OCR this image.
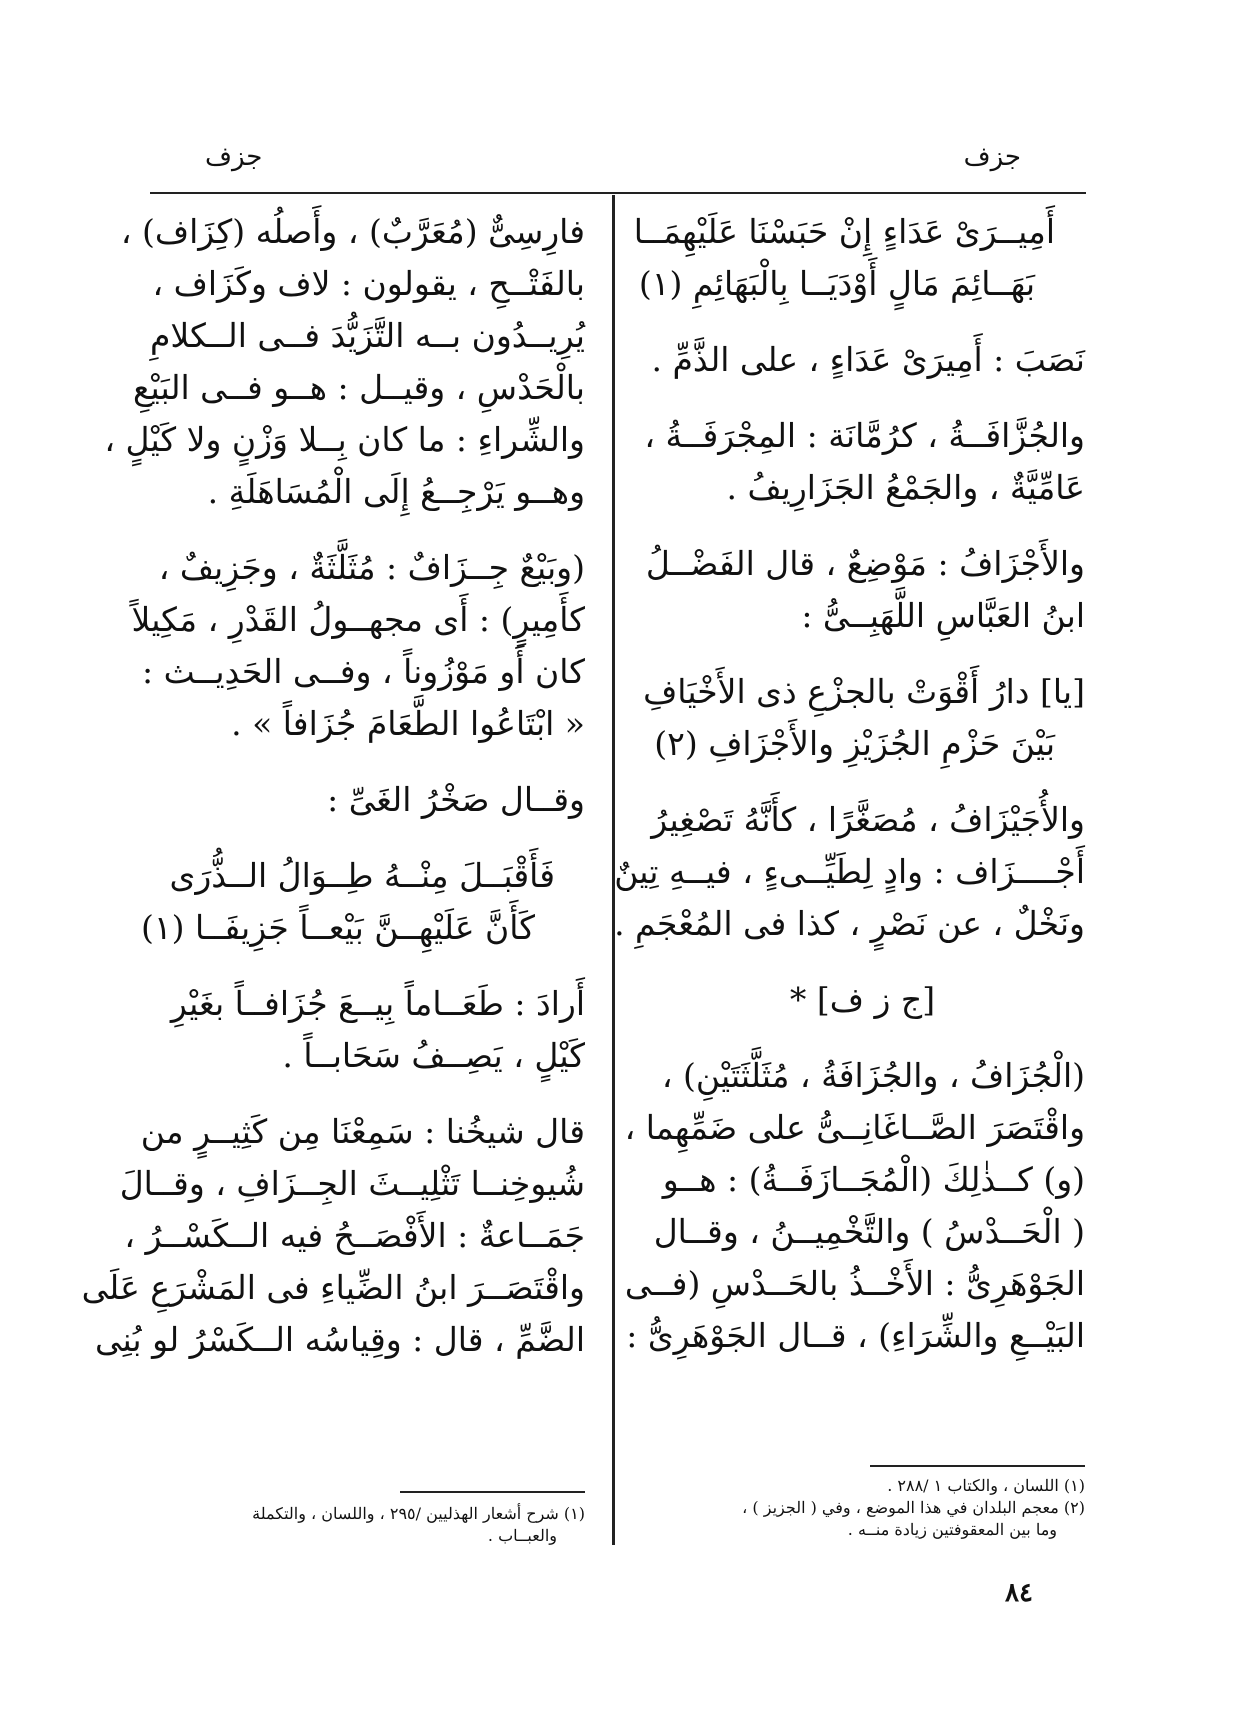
جزف
جزف

أَمِيــرَىْ عَدَاءٍ إِنْ حَبَسْنَا عَلَيْهِمَــا
بَهَــائِمَ مَالٍ أَوْدَيَــا بِالْبَهَائِمِ (١)

نَصَبَ : أَمِيرَىْ عَدَاءٍ ، على الذَّمِّ .

والجُزَّافَــةُ ، كرُمَّانَة : المِجْرَفَــةُ ،
عَامِّيَّةٌ ، والجَمْعُ الجَزَارِيفُ .

والأَجْزَافُ : مَوْضِعٌ ، قال الفَضْــلُ
ابنُ العَبَّاسِ اللَّهَبِــىُّ :

[يا] دارُ أَقْوَتْ بالجزْعِ ذى الأَخْيَافِ
بَيْنَ حَزْمِ الجُزَيْزِ والأَجْزَافِ (٢)

والأُجَيْزَافُ ، مُصَغَّرًا ، كأَنَّهُ تَصْغِيرُ
أَجْــــزَاف : وادٍ لِطَيِّــىءٍ ، فيــهِ تِينٌ
ونَخْلٌ ، عن نَصْرٍ ، كذا فى المُعْجَمِ .

[ج ز ف] *

(الْجُزَافُ ، والجُزَافَةُ ، مُثَلَّثَتَيْنِ) ،
واقْتَصَرَ الصَّــاغَانِــىُّ على ضَمِّهِما ،
(و) كــذٰلِكَ (الْمُجَــازَفَــةُ) : هــو
( الْحَــدْسُ ) والتَّخْمِيــنُ ، وقــال
الجَوْهَرِىُّ : الأَخْــذُ بالحَــدْسِ (فــى
البَيْــعِ والشِّرَاءِ) ، قــال الجَوْهَرِىُّ :

فارِسِىٌّ (مُعَرَّبٌ) ، وأَصلُه (كِزَاف) ،
بالفَتْــحِ ، يقولون : لاف وكَزَاف ،
يُرِيــدُون بــه التَّزَيُّدَ فــى الــكلامِ
بالْحَدْسِ ، وقيــل : هــو فــى البَيْعِ
والشِّراءِ : ما كان بِــلا وَزْنٍ ولا كَيْلٍ ،
وهــو يَرْجِــعُ إِلَى الْمُسَاهَلَةِ .

(وبَيْعٌ جِــزَافٌ : مُثَلَّثَةٌ ، وجَزِيفٌ ،
كأَمِيرٍ) : أَى مجهــولُ القَدْرِ ، مَكِيلاً
كان أَو مَوْزُوناً ، وفــى الحَدِيــث :
« ابْتَاعُوا الطَّعَامَ جُزَافاً » .

وقــال صَخْرُ الغَىِّ :

فَأَقْبَــلَ مِنْــهُ طِــوَالُ الــذُّرَى
كَأَنَّ عَلَيْهِــنَّ بَيْعــاً جَزِيفَــا (١)

أَرادَ : طَعَــاماً بِيــعَ جُزَافــاً بغَيْرِ
كَيْلٍ ، يَصِــفُ سَحَابــاً .

قال شيخُنا : سَمِعْنَا مِن كَثِيــرٍ من
شُيوخِنــا تَثْلِيــثَ الجِــزَافِ ، وقــالَ
جَمَــاعةٌ : الأَفْصَــحُ فيه الــكَسْــرُ ،
واقْتَصَــرَ ابنُ الضِّياءِ فى المَشْرَعِ عَلَى
الضَّمِّ ، قال : وقِياسُه الــكَسْرُ لو بُنِى

(١) اللسان ، والكتاب ١ /٢٨٨ .
(٢) معجم البلدان في هذا الموضع ، وفي ( الجزيز ) ،
وما بين المعقوفتين زيادة منــه .
(١) شرح أشعار الهذليين /٢٩٥ ، واللسان ، والتكملة
والعبــاب .
٨٤
